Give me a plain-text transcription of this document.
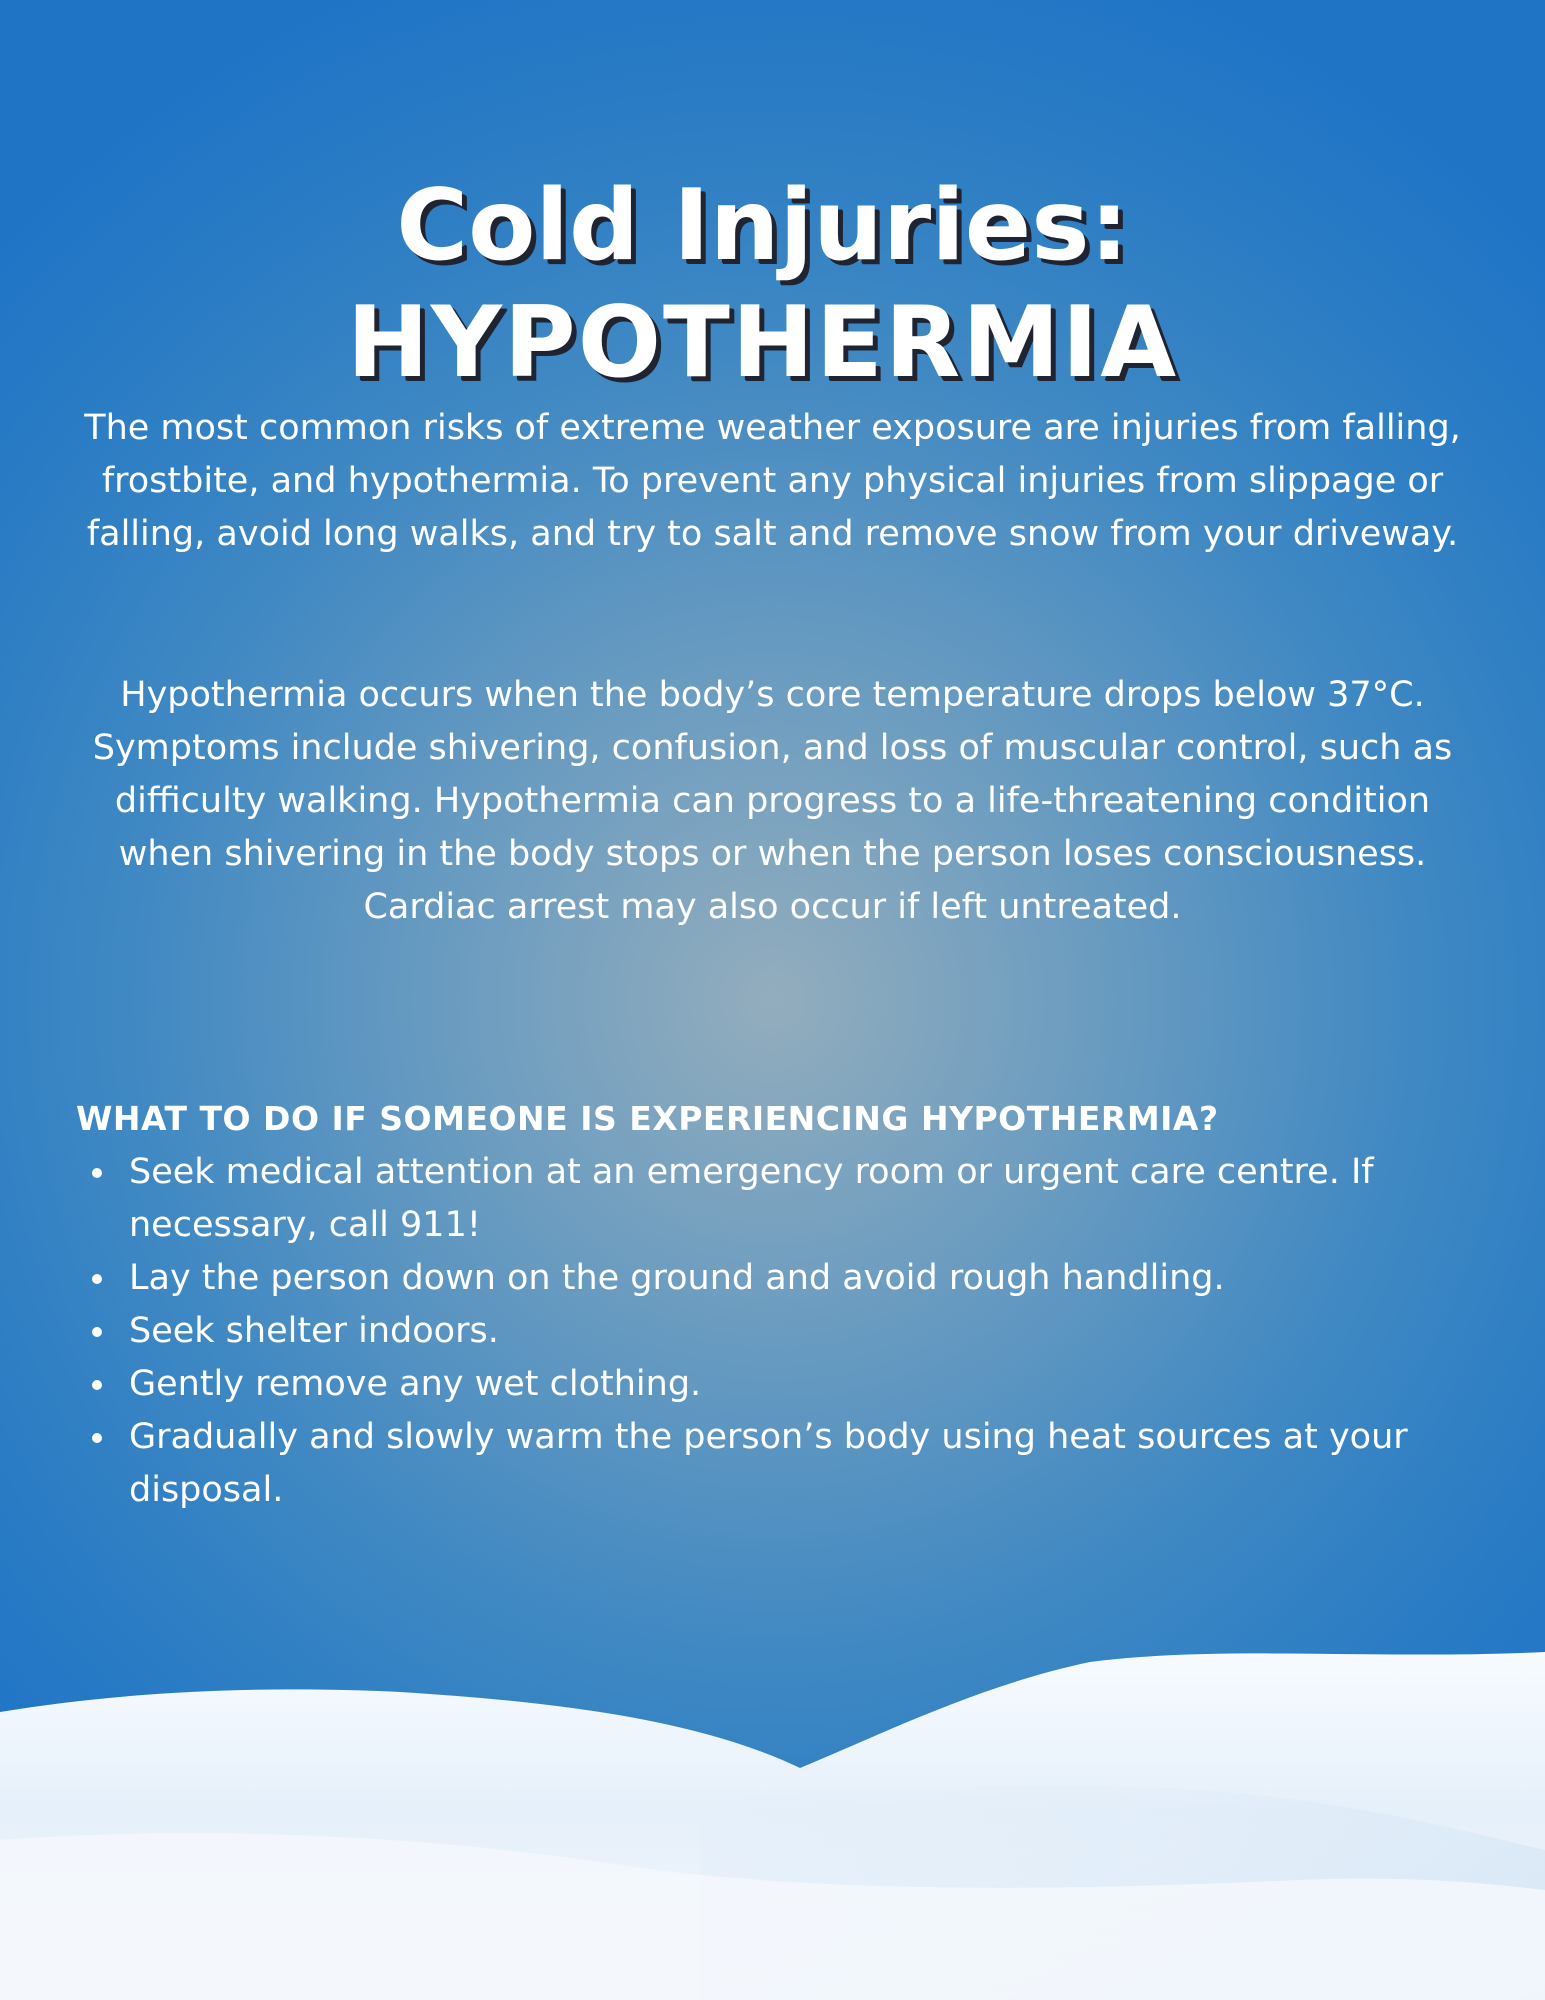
Cold Injuries:
HYPOTHERMIA

The most common risks of extreme weather exposure are injuries from falling, frostbite, and hypothermia. To prevent any physical injuries from slippage or falling, avoid long walks, and try to salt and remove snow from your driveway.

Hypothermia occurs when the body’s core temperature drops below 37°C. Symptoms include shivering, confusion, and loss of muscular control, such as difficulty walking. Hypothermia can progress to a life-threatening condition when shivering in the body stops or when the person loses consciousness. Cardiac arrest may also occur if left untreated.

WHAT TO DO IF SOMEONE IS EXPERIENCING HYPOTHERMIA?
Seek medical attention at an emergency room or urgent care centre. If necessary, call 911!
Lay the person down on the ground and avoid rough handling.
Seek shelter indoors.
Gently remove any wet clothing.
Gradually and slowly warm the person’s body using heat sources at your disposal.
